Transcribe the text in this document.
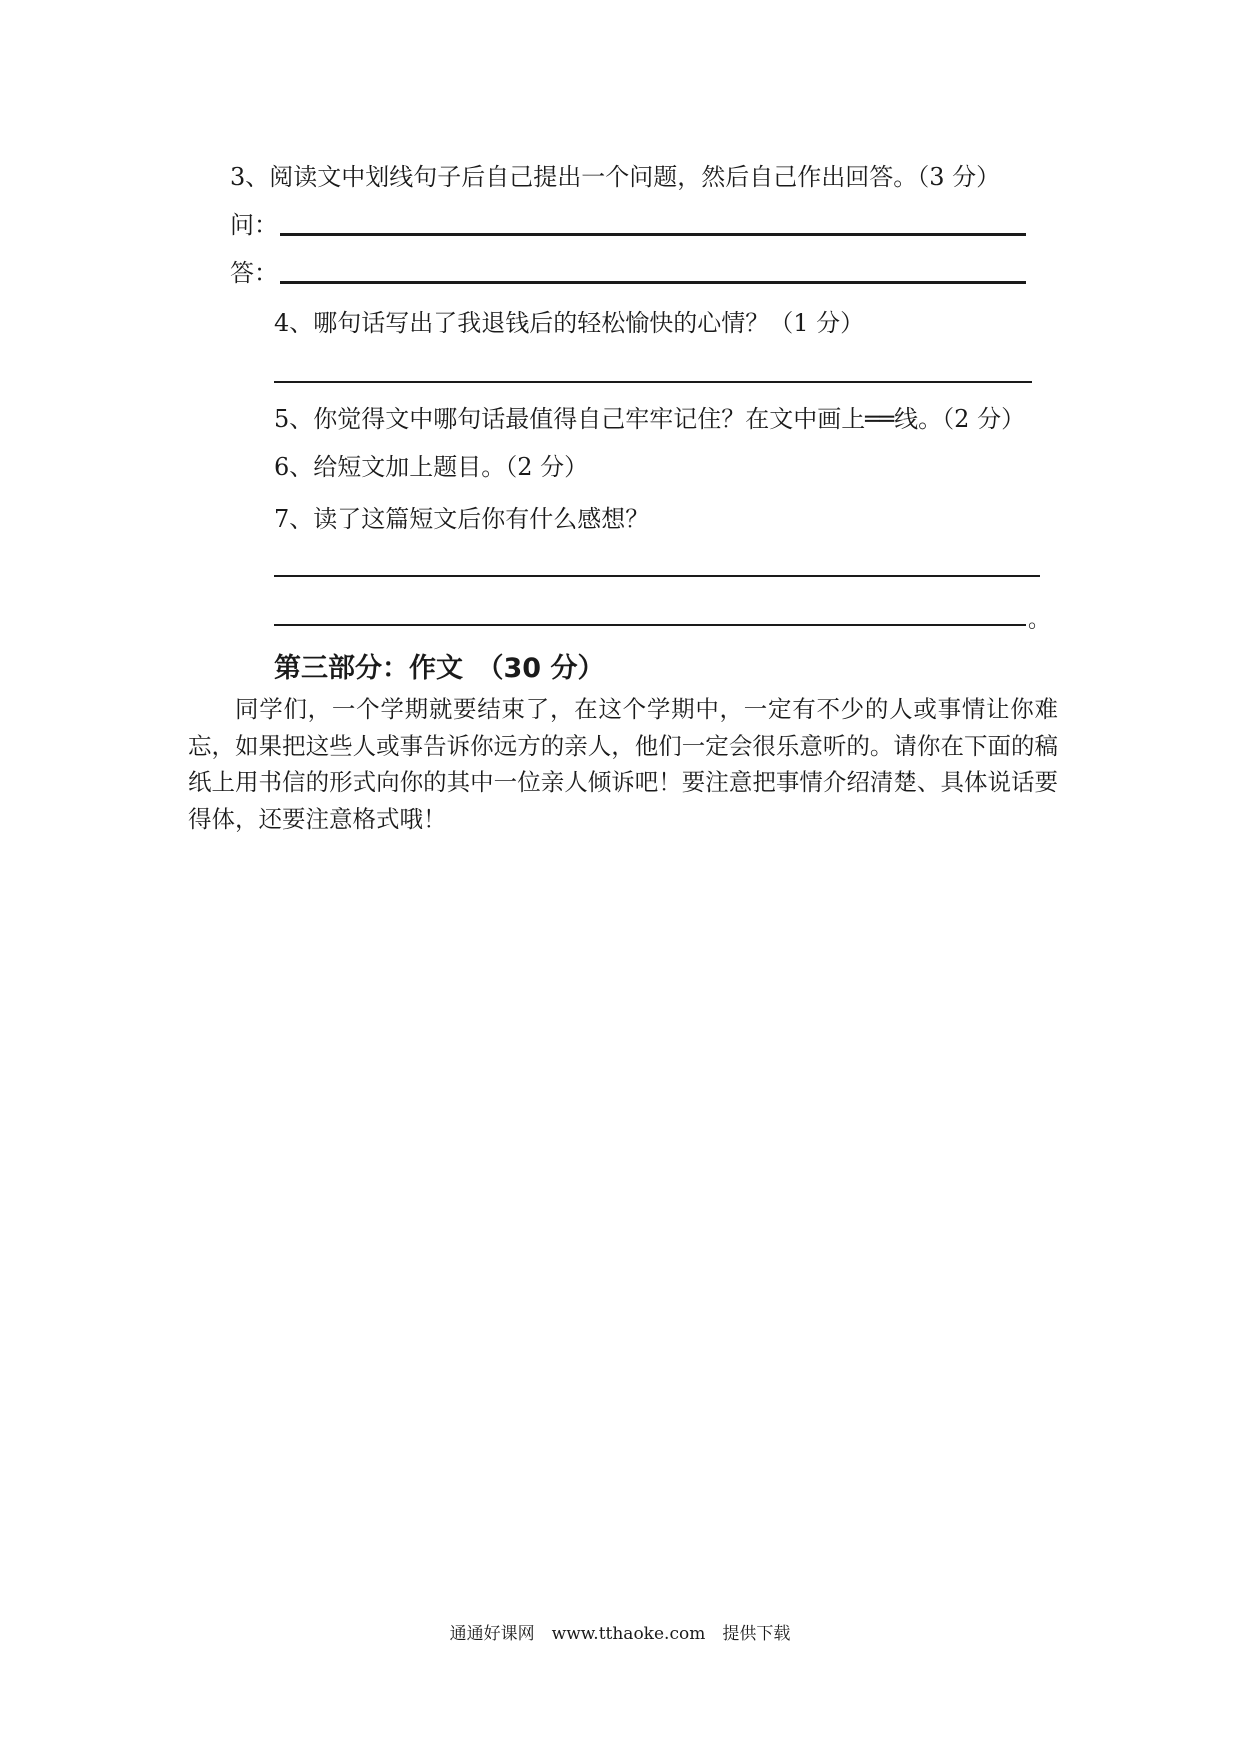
3、阅读文中划线句子后自己提出一个问题，然后自己作出回答。（3 分）
问：
答：
4、哪句话写出了我退钱后的轻松愉快的心情？（1 分）
5、你觉得文中哪句话最值得自己牢牢记住？在文中画上══线。（2 分）
6、给短文加上题目。（2 分）
7、读了这篇短文后你有什么感想？
。
第三部分：作文　（30 分）
同学们，一个学期就要结束了，在这个学期中，一定有不少的人或事情让你难忘，如果把这些人或事告诉你远方的亲人，他们一定会很乐意听的。请你在下面的稿纸上用书信的形式向你的其中一位亲人倾诉吧！要注意把事情介绍清楚、具体说话要得体，还要注意格式哦！
通通好课网　www.tthaoke.com　提供下载
